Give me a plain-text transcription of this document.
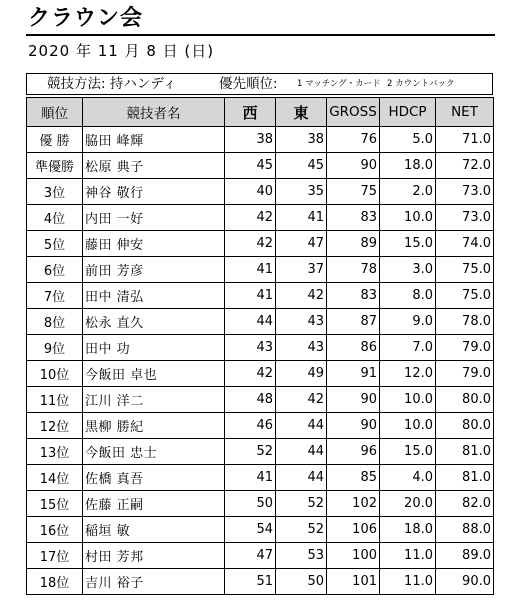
クラウン会
2020 年 11 月 8 日 (日)
競技方法: 持ハンディ	優先順位: 1 マッチング・カード 2 カウントバック
順位	競技者名	西	東	GROSS	HDCP	NET
優 勝	脇田 峰輝	38	38	76	5.0	71.0
準優勝	松原 典子	45	45	90	18.0	72.0
3位	神谷 敬行	40	35	75	2.0	73.0
4位	内田 一好	42	41	83	10.0	73.0
5位	藤田 伸安	42	47	89	15.0	74.0
6位	前田 芳彦	41	37	78	3.0	75.0
7位	田中 清弘	41	42	83	8.0	75.0
8位	松永 直久	44	43	87	9.0	78.0
9位	田中 功	43	43	86	7.0	79.0
10位	今飯田 卓也	42	49	91	12.0	79.0
11位	江川 洋二	48	42	90	10.0	80.0
12位	黒柳 勝紀	46	44	90	10.0	80.0
13位	今飯田 忠士	52	44	96	15.0	81.0
14位	佐橋 真吾	41	44	85	4.0	81.0
15位	佐藤 正嗣	50	52	102	20.0	82.0
16位	稲垣 敏	54	52	106	18.0	88.0
17位	村田 芳邦	47	53	100	11.0	89.0
18位	吉川 裕子	51	50	101	11.0	90.0
